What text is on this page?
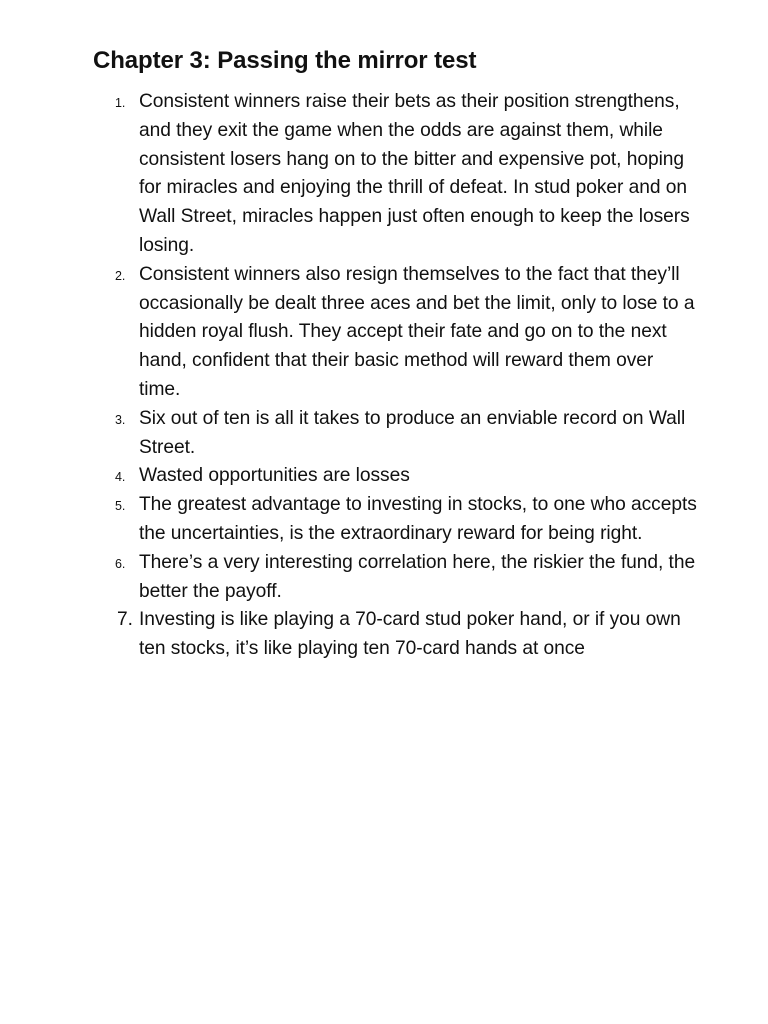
Chapter 3: Passing the mirror test
1. Consistent winners raise their bets as their position strengthens, and they exit the game when the odds are against them, while consistent losers hang on to the bitter and expensive pot, hoping for miracles and enjoying the thrill of defeat. In stud poker and on Wall Street, miracles happen just often enough to keep the losers losing.
2. Consistent winners also resign themselves to the fact that they’ll occasionally be dealt three aces and bet the limit, only to lose to a hidden royal flush. They accept their fate and go on to the next hand, confident that their basic method will reward them over time.
3. Six out of ten is all it takes to produce an enviable record on Wall Street.
4. Wasted opportunities are losses
5. The greatest advantage to investing in stocks, to one who accepts the uncertainties, is the extraordinary reward for being right.
6. There’s a very interesting correlation here, the riskier the fund, the better the payoff.
7. Investing is like playing a 70-card stud poker hand, or if you own ten stocks, it’s like playing ten 70-card hands at once
